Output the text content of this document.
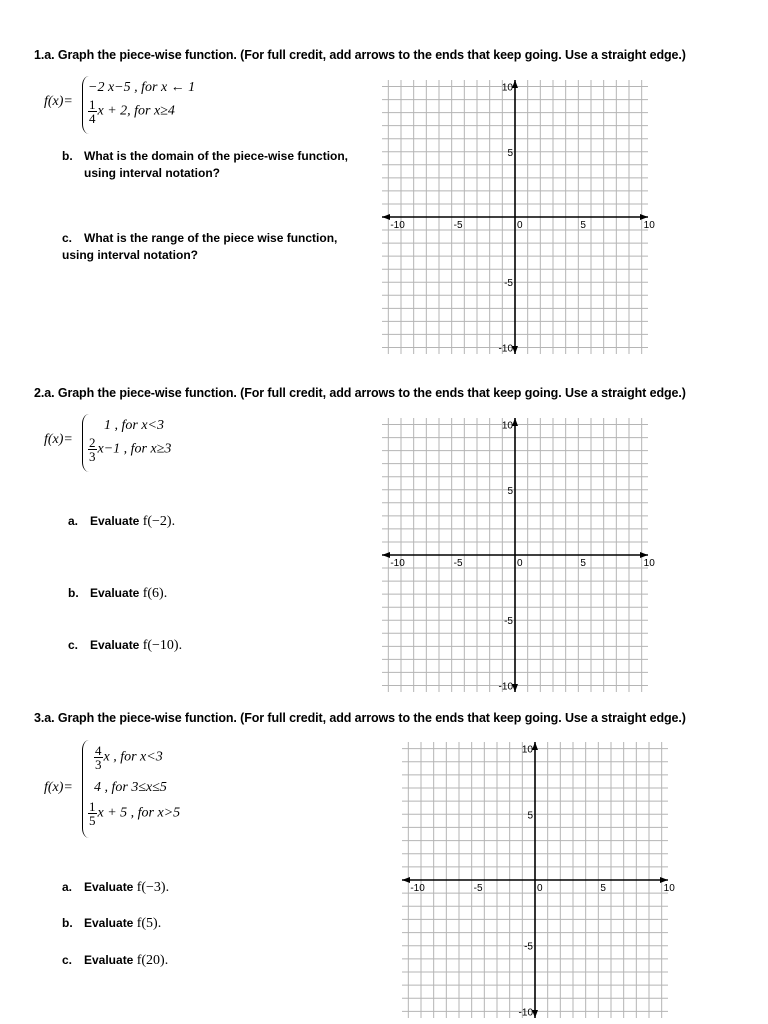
1.a. Graph the piece-wise function. (For full credit, add arrows to the ends that keep going. Use a straight edge.)
f(x)=
−2 x−5 , for x ← 1
$\frac{1}{4}$ x + 2, for x≥4
b. What is the domain of the piece-wise function,
using interval notation?
c. What is the range of the piece wise function,
using interval notation?
-10	-5	0	5	10
10
5
-5
-10
2.a. Graph the piece-wise function. (For full credit, add arrows to the ends that keep going. Use a straight edge.)
f(x)=
1 , for x<3
$\frac{2}{3} x-1$ , for x≥3
a. Evaluate f(−2).
b. Evaluate f(6).
c. Evaluate f(−10).
-10	-5	0	5	10
10
5
-5
-10
3.a. Graph the piece-wise function. (For full credit, add arrows to the ends that keep going. Use a straight edge.)
f(x)=
$\frac{4}{3}$ x , for x<3
4 , for 3≤x≤5
$\frac{1}{5}$ x + 5 , for x>5
a. Evaluate f(−3).
b. Evaluate f(5).
c. Evaluate f(20).
-10	-5	0	5	10
10
5
-5
-10
